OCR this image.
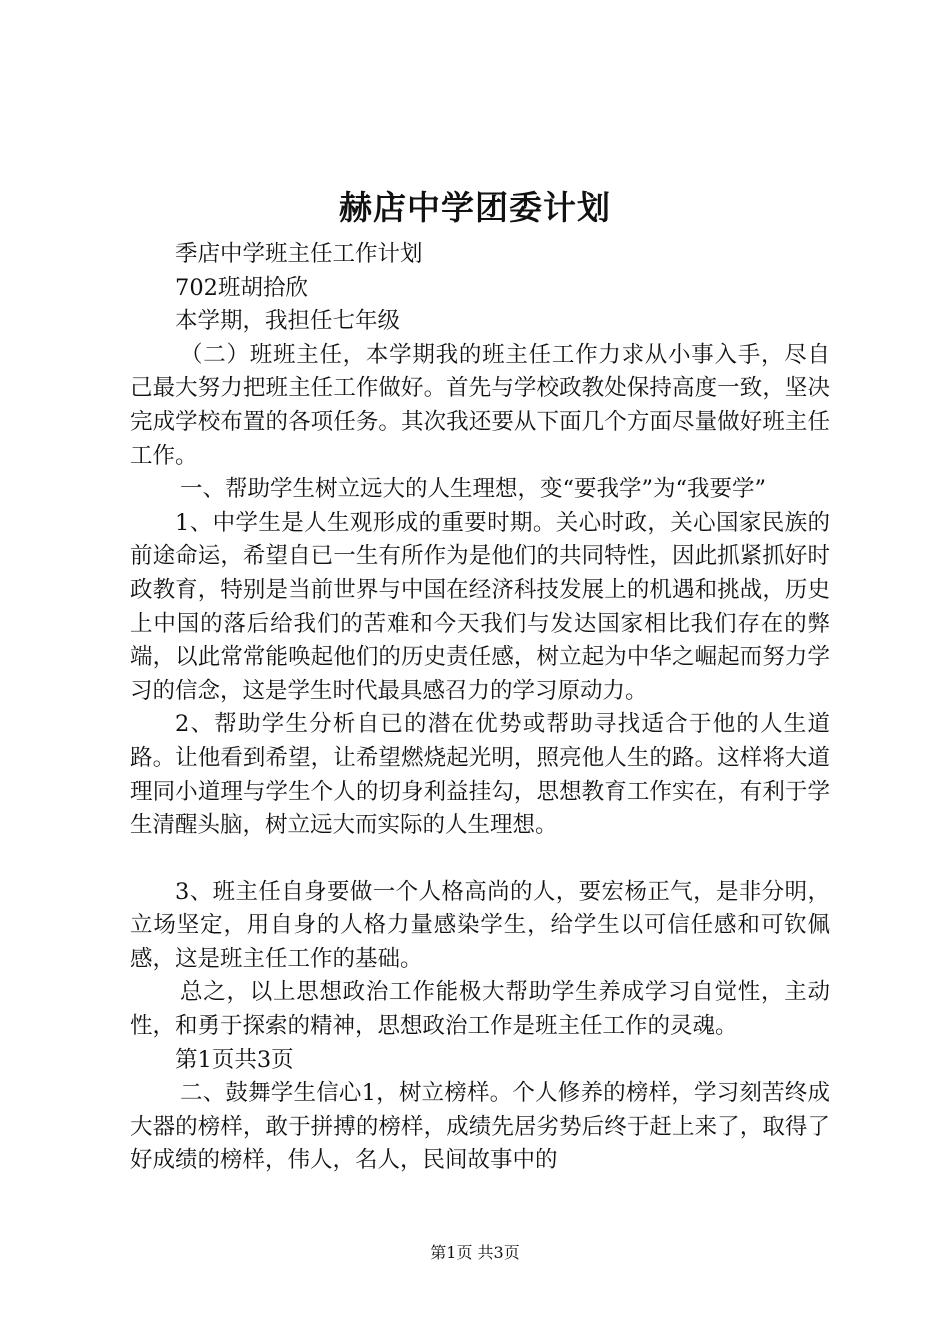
赫店中学团委计划

季店中学班主任工作计划

702班胡拾欣

本学期，我担任七年级

（二）班班主任，本学期我的班主任工作力求从小事入手，尽自己最大努力把班主任工作做好。首先与学校政教处保持高度一致，坚决完成学校布置的各项任务。其次我还要从下面几个方面尽量做好班主任工作。

一、帮助学生树立远大的人生理想，变“要我学”为“我要学”

1、中学生是人生观形成的重要时期。关心时政，关心国家民族的前途命运，希望自已一生有所作为是他们的共同特性，因此抓紧抓好时政教育，特别是当前世界与中国在经济科技发展上的机遇和挑战，历史上中国的落后给我们的苦难和今天我们与发达国家相比我们存在的弊端，以此常常能唤起他们的历史责任感，树立起为中华之崛起而努力学习的信念，这是学生时代最具感召力的学习原动力。

2、帮助学生分析自已的潜在优势或帮助寻找适合于他的人生道路。让他看到希望，让希望燃烧起光明，照亮他人生的路。这样将大道理同小道理与学生个人的切身利益挂勾，思想教育工作实在，有利于学生清醒头脑，树立远大而实际的人生理想。

3、班主任自身要做一个人格高尚的人，要宏杨正气，是非分明，立场坚定，用自身的人格力量感染学生，给学生以可信任感和可钦佩感，这是班主任工作的基础。

总之，以上思想政治工作能极大帮助学生养成学习自觉性，主动性，和勇于探索的精神，思想政治工作是班主任工作的灵魂。

第1页共3页

二、鼓舞学生信心1，树立榜样。个人修养的榜样，学习刻苦终成大器的榜样，敢于拼搏的榜样，成绩先居劣势后终于赶上来了，取得了好成绩的榜样，伟人，名人，民间故事中的

第1页 共3页
